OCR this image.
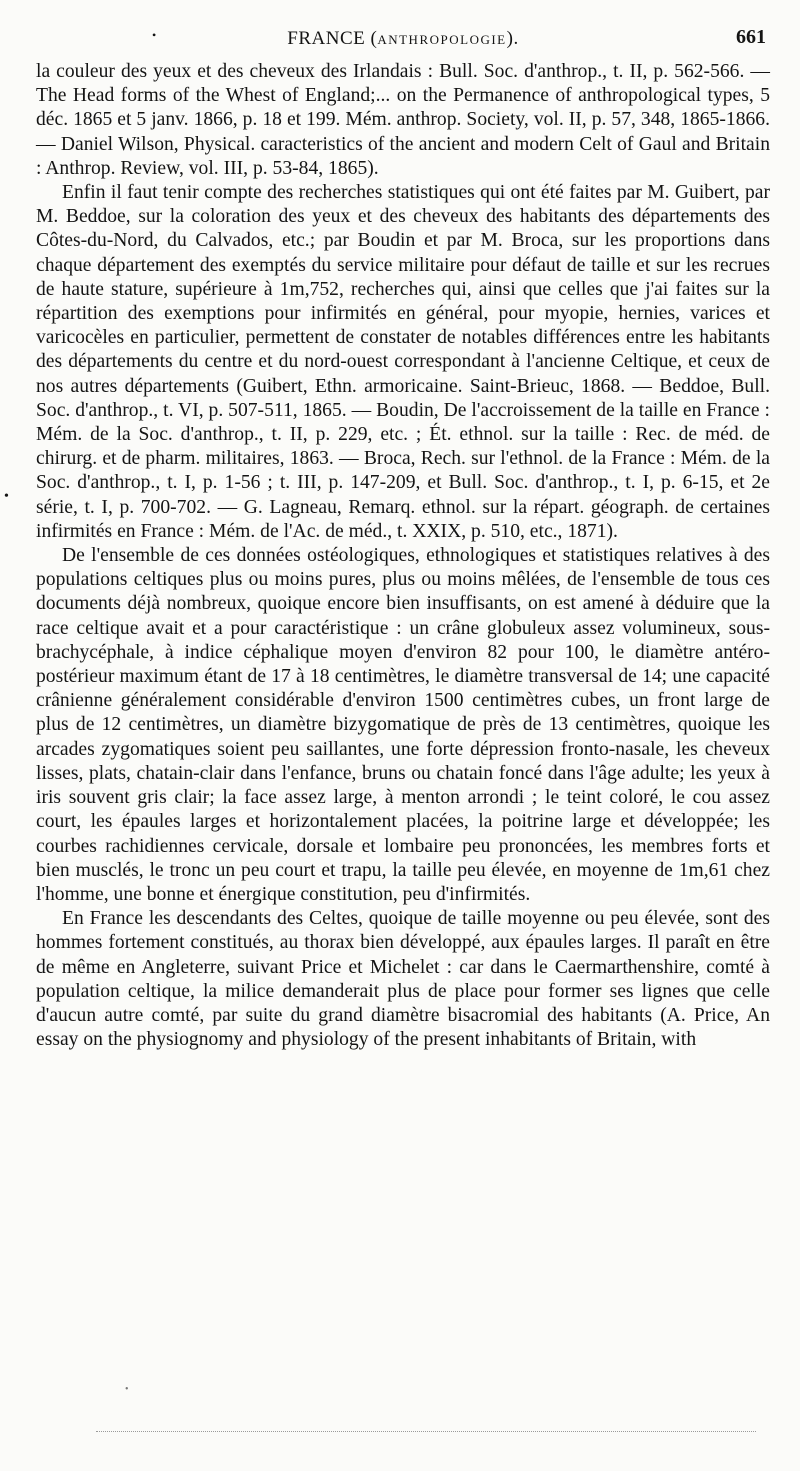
•	FRANCE (ANTHROPOLOGIE).	661

la couleur des yeux et des cheveux des Irlandais : Bull. Soc. d'anthrop., t. II, p. 562-566. — The Head forms of the Whest of England;... on the Permanence of anthropological types, 5 déc. 1865 et 5 janv. 1866, p. 18 et 199. Mém. anthrop. Society, vol. II, p. 57, 348, 1865-1866. — Daniel Wilson, Physical. caracteristics of the ancient and modern Celt of Gaul and Britain : Anthrop. Review, vol. III, p. 53-84, 1865).

Enfin il faut tenir compte des recherches statistiques qui ont été faites par M. Guibert, par M. Beddoe, sur la coloration des yeux et des cheveux des habitants des départements des Côtes-du-Nord, du Calvados, etc.; par Boudin et par M. Broca, sur les proportions dans chaque département des exemptés du service militaire pour défaut de taille et sur les recrues de haute stature, supérieure à 1m,752, recherches qui, ainsi que celles que j'ai faites sur la répartition des exemptions pour infirmités en général, pour myopie, hernies, varices et varicocèles en particulier, permettent de constater de notables différences entre les habitants des départements du centre et du nord-ouest correspondant à l'ancienne Celtique, et ceux de nos autres départements (Guibert, Ethn. armoricaine. Saint-Brieuc, 1868. — Beddoe, Bull. Soc. d'anthrop., t. VI, p. 507-511, 1865. — Boudin, De l'accroissement de la taille en France : Mém. de la Soc. d'anthrop., t. II, p. 229, etc. ; Ét. ethnol. sur la taille : Rec. de méd. de chirurg. et de pharm. militaires, 1863. — Broca, Rech. sur l'ethnol. de la France : Mém. de la Soc. d'anthrop., t. I, p. 1-56 ; t. III, p. 147-209, et Bull. Soc. d'anthrop., t. I, p. 6-15, et 2e série, t. I, p. 700-702. — G. Lagneau, Remarq. ethnol. sur la répart. géograph. de certaines infirmités en France : Mém. de l'Ac. de méd., t. XXIX, p. 510, etc., 1871).

De l'ensemble de ces données ostéologiques, ethnologiques et statistiques relatives à des populations celtiques plus ou moins pures, plus ou moins mêlées, de l'ensemble de tous ces documents déjà nombreux, quoique encore bien insuffisants, on est amené à déduire que la race celtique avait et a pour caractéristique : un crâne globuleux assez volumineux, sous-brachycéphale, à indice céphalique moyen d'environ 82 pour 100, le diamètre antéro-postérieur maximum étant de 17 à 18 centimètres, le diamètre transversal de 14; une capacité crânienne généralement considérable d'environ 1500 centimètres cubes, un front large de plus de 12 centimètres, un diamètre bizygomatique de près de 13 centimètres, quoique les arcades zygomatiques soient peu saillantes, une forte dépression fronto-nasale, les cheveux lisses, plats, chatain-clair dans l'enfance, bruns ou chatain foncé dans l'âge adulte; les yeux à iris souvent gris clair; la face assez large, à menton arrondi ; le teint coloré, le cou assez court, les épaules larges et horizontalement placées, la poitrine large et développée; les courbes rachidiennes cervicale, dorsale et lombaire peu prononcées, les membres forts et bien musclés, le tronc un peu court et trapu, la taille peu élevée, en moyenne de 1m,61 chez l'homme, une bonne et énergique constitution, peu d'infirmités.

En France les descendants des Celtes, quoique de taille moyenne ou peu élevée, sont des hommes fortement constitués, au thorax bien développé, aux épaules larges. Il paraît en être de même en Angleterre, suivant Price et Michelet : car dans le Caermarthenshire, comté à population celtique, la milice demanderait plus de place pour former ses lignes que celle d'aucun autre comté, par suite du grand diamètre bisacromial des habitants (A. Price, An essay on the physiognomy and physiology of the present inhabitants of Britain, with

•
•
